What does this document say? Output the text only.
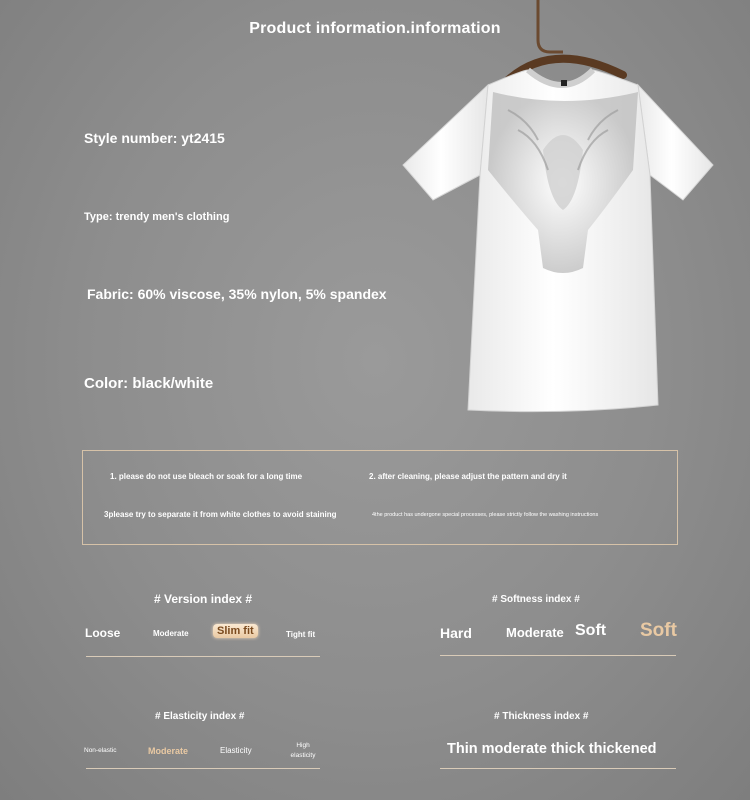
Product information.information
Style number: yt2415
Type: trendy men's clothing
Fabric: 60% viscose, 35% nylon, 5% spandex
Color: black/white
1. please do not use bleach or soak for a long time	2. after cleaning, please adjust the pattern and dry it
3please try to separate it from white clothes to avoid staining	4the product has undergone special processes, please strictly follow the washing instructions
# Version index #
Loose	Moderate	Slim fit	Tight fit
# Softness index #
Hard	Moderate Soft Soft
# Elasticity index #
Non-elastic	Moderate	Elasticity
High elasticity
# Thickness index #
Thin moderate thick thickened
